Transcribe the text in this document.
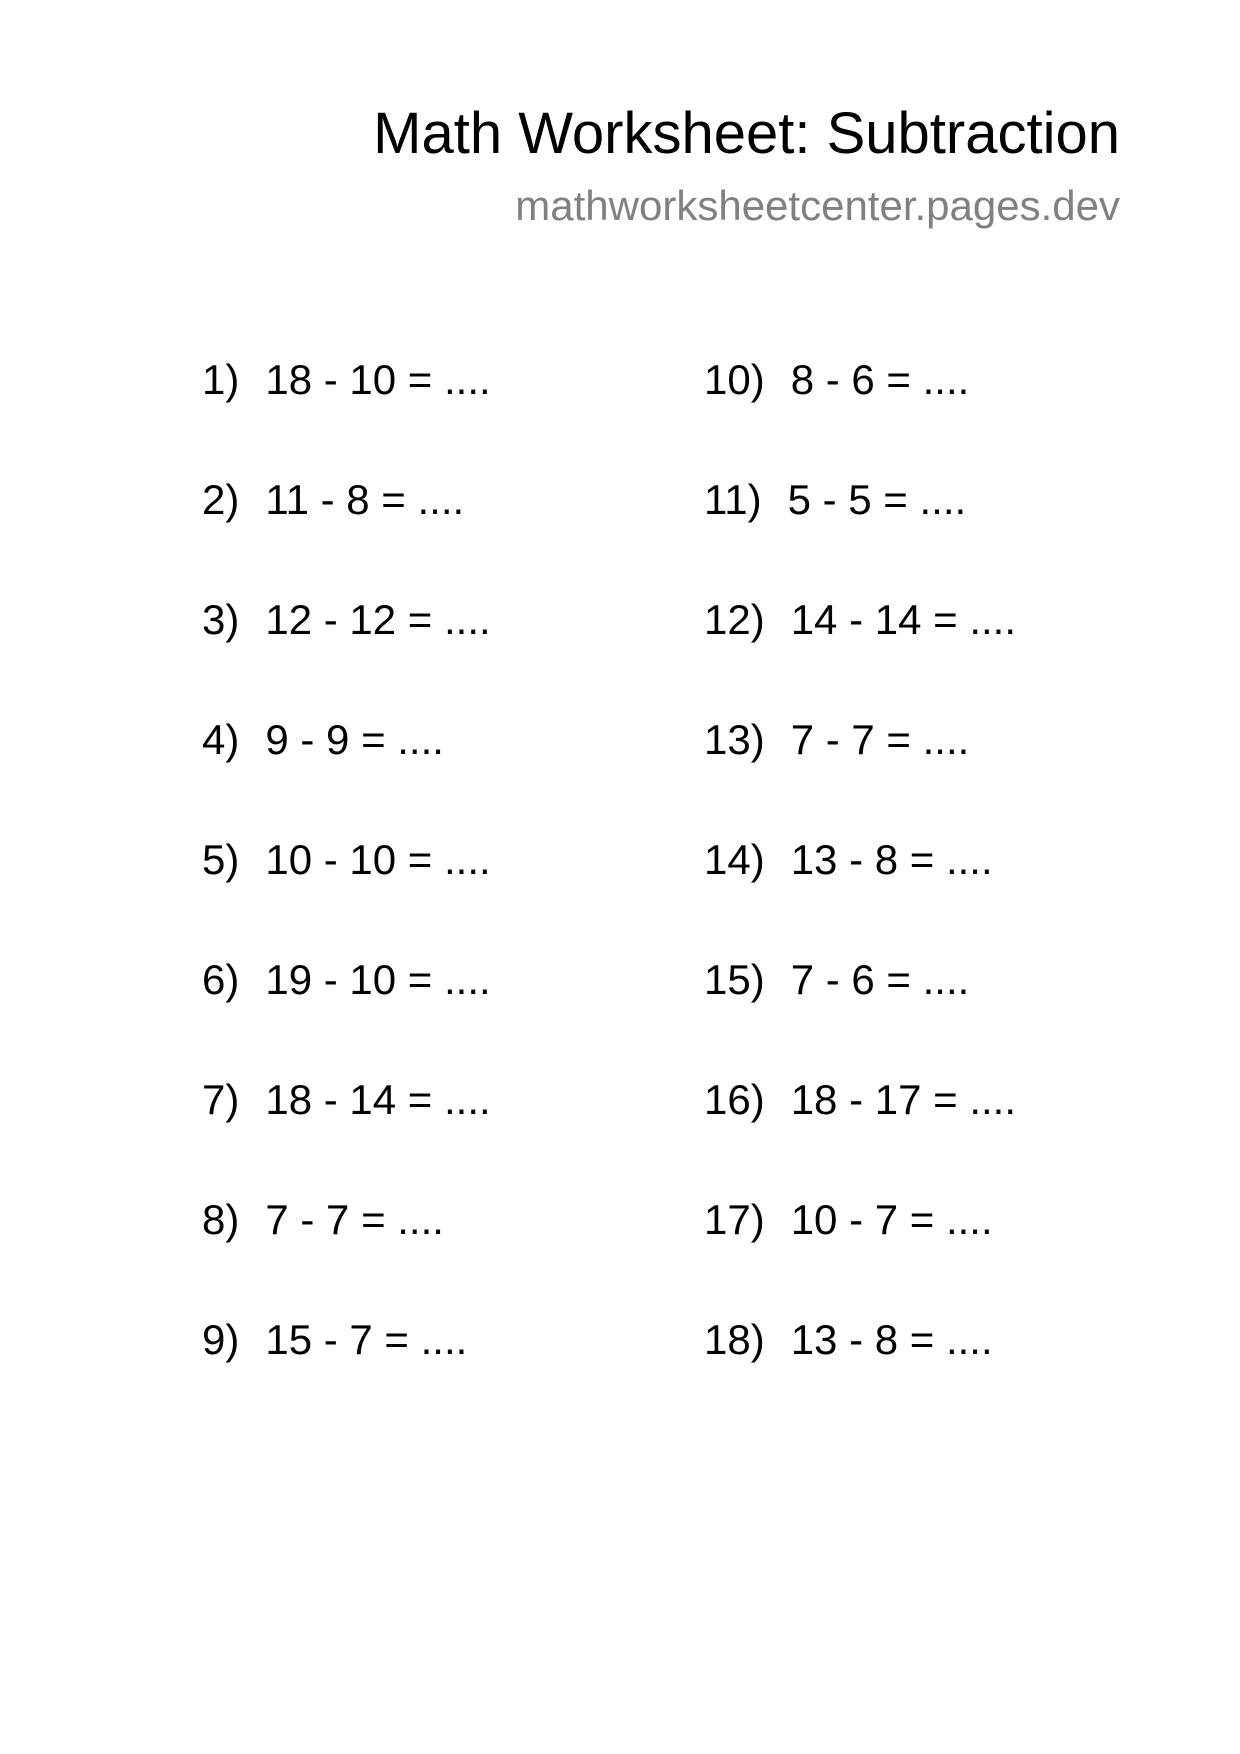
Math Worksheet: Subtraction
mathworksheetcenter.pages.dev
1) 18 - 10 = ....
2) 11 - 8 = ....
3) 12 - 12 = ....
4) 9 - 9 = ....
5) 10 - 10 = ....
6) 19 - 10 = ....
7) 18 - 14 = ....
8) 7 - 7 = ....
9) 15 - 7 = ....
10) 8 - 6 = ....
11) 5 - 5 = ....
12) 14 - 14 = ....
13) 7 - 7 = ....
14) 13 - 8 = ....
15) 7 - 6 = ....
16) 18 - 17 = ....
17) 10 - 7 = ....
18) 13 - 8 = ....
